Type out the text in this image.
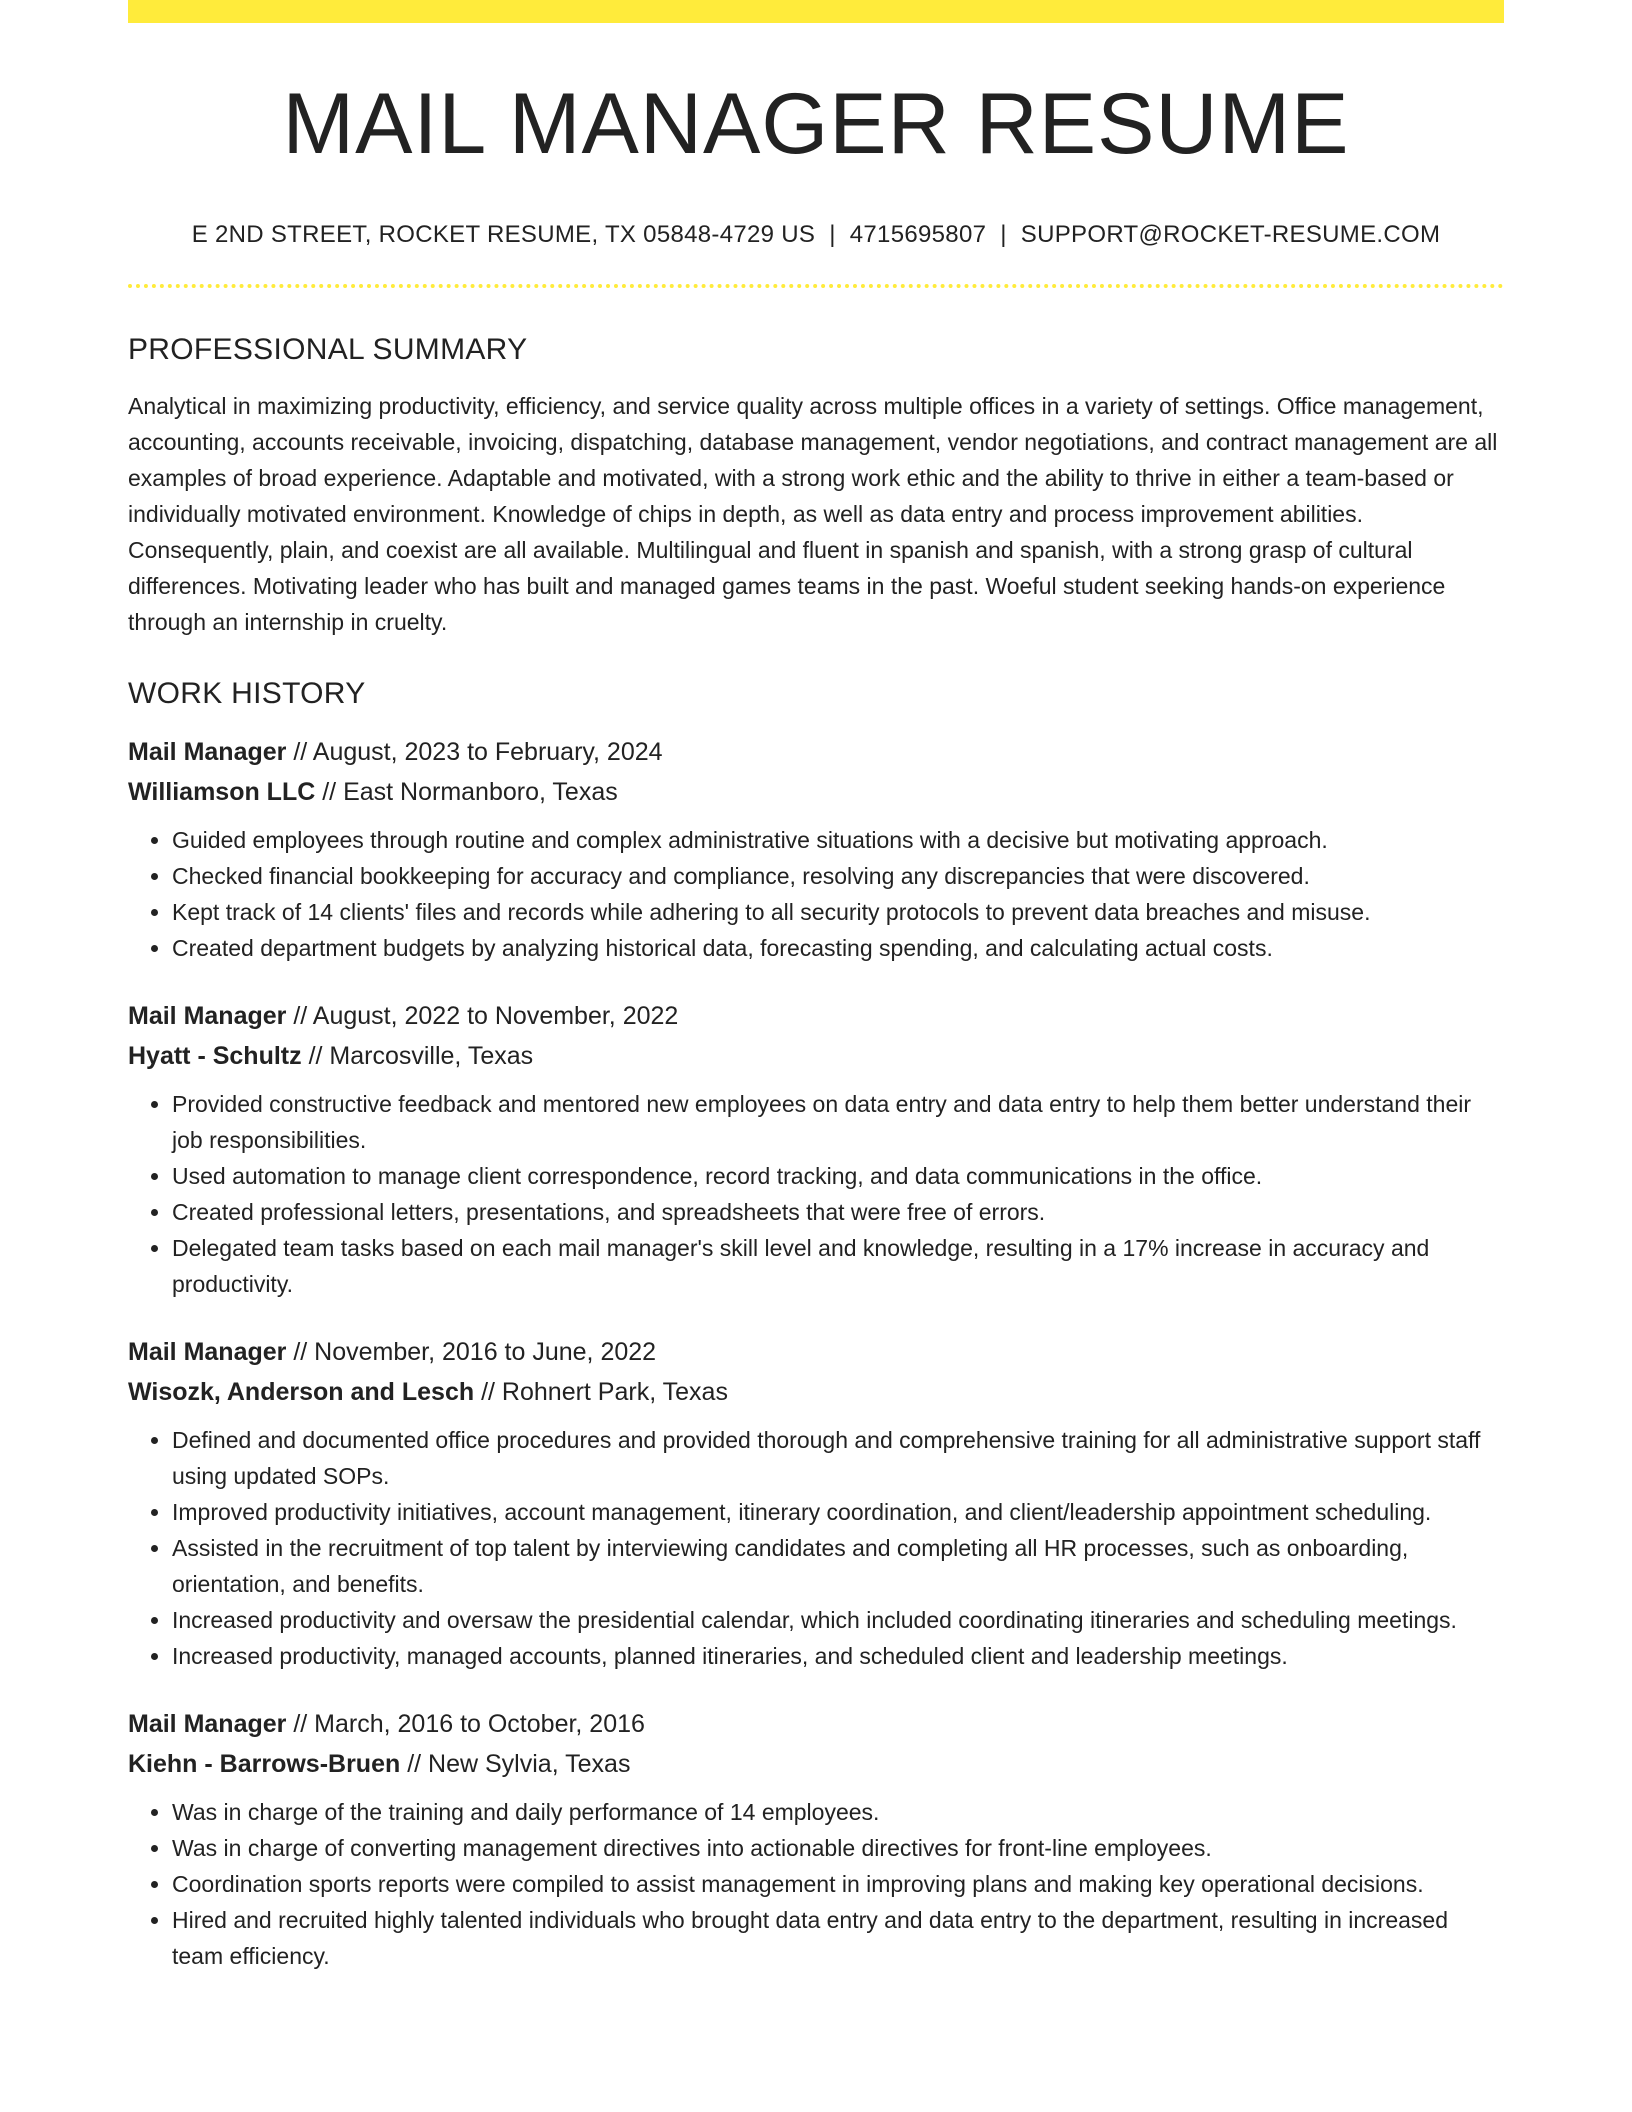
MAIL MANAGER RESUME
E 2ND STREET, ROCKET RESUME, TX 05848-4729 US | 4715695807 | SUPPORT@ROCKET-RESUME.COM
PROFESSIONAL SUMMARY

Analytical in maximizing productivity, efficiency, and service quality across multiple offices in a variety of settings. Office management, accounting, accounts receivable, invoicing, dispatching, database management, vendor negotiations, and contract management are all examples of broad experience. Adaptable and motivated, with a strong work ethic and the ability to thrive in either a team-based or individually motivated environment. Knowledge of chips in depth, as well as data entry and process improvement abilities. Consequently, plain, and coexist are all available. Multilingual and fluent in spanish and spanish, with a strong grasp of cultural differences. Motivating leader who has built and managed games teams in the past. Woeful student seeking hands-on experience through an internship in cruelty.

WORK HISTORY
Mail Manager // August, 2023 to February, 2024
Williamson LLC // East Normanboro, Texas
• Guided employees through routine and complex administrative situations with a decisive but motivating approach.
• Checked financial bookkeeping for accuracy and compliance, resolving any discrepancies that were discovered.
• Kept track of 14 clients' files and records while adhering to all security protocols to prevent data breaches and misuse.
• Created department budgets by analyzing historical data, forecasting spending, and calculating actual costs.
Mail Manager // August, 2022 to November, 2022
Hyatt - Schultz // Marcosville, Texas
• Provided constructive feedback and mentored new employees on data entry and data entry to help them better understand their job responsibilities.
• Used automation to manage client correspondence, record tracking, and data communications in the office.
• Created professional letters, presentations, and spreadsheets that were free of errors.
• Delegated team tasks based on each mail manager's skill level and knowledge, resulting in a 17% increase in accuracy and productivity.
Mail Manager // November, 2016 to June, 2022
Wisozk, Anderson and Lesch // Rohnert Park, Texas
• Defined and documented office procedures and provided thorough and comprehensive training for all administrative support staff using updated SOPs.
• Improved productivity initiatives, account management, itinerary coordination, and client/leadership appointment scheduling.
• Assisted in the recruitment of top talent by interviewing candidates and completing all HR processes, such as onboarding, orientation, and benefits.
• Increased productivity and oversaw the presidential calendar, which included coordinating itineraries and scheduling meetings.
• Increased productivity, managed accounts, planned itineraries, and scheduled client and leadership meetings.
Mail Manager // March, 2016 to October, 2016
Kiehn - Barrows-Bruen // New Sylvia, Texas
• Was in charge of the training and daily performance of 14 employees.
• Was in charge of converting management directives into actionable directives for front-line employees.
• Coordination sports reports were compiled to assist management in improving plans and making key operational decisions.
• Hired and recruited highly talented individuals who brought data entry and data entry to the department, resulting in increased team efficiency.
